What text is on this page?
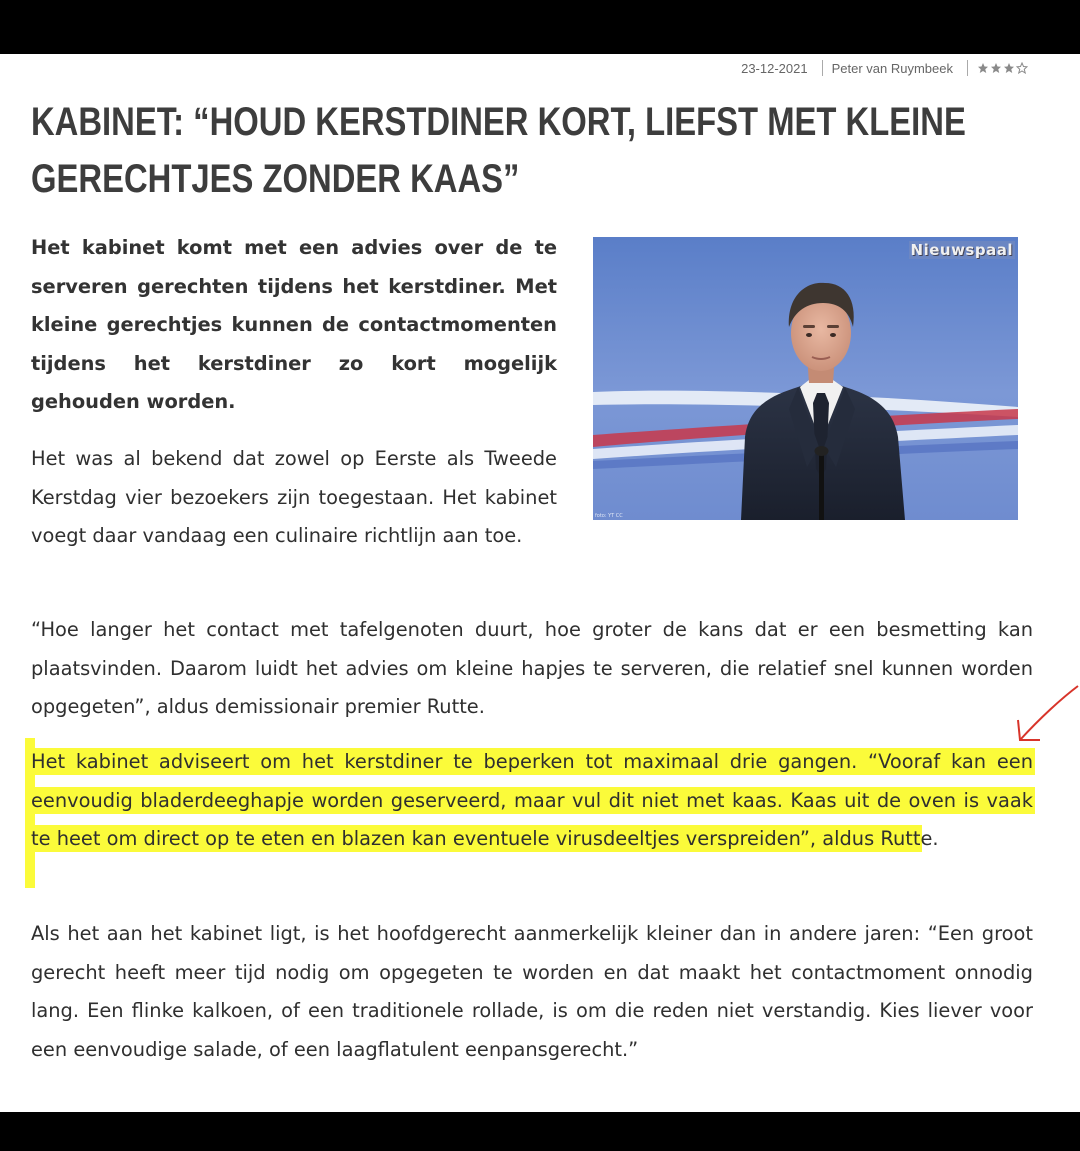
23-12-2021 Peter van Ruymbeek
KABINET: “HOUD KERSTDINER KORT, LIEFST MET KLEINE
GERECHTJES ZONDER KAAS”

Het kabinet komt met een advies over de te serveren gerechten tijdens het kerstdiner. Met kleine gerechtjes kunnen de contactmomenten tijdens het kerstdiner zo kort mogelijk gehouden worden.

Nieuwspaal
foto: YT CC

Het was al bekend dat zowel op Eerste als Tweede Kerstdag vier bezoekers zijn toegestaan. Het kabinet voegt daar vandaag een culinaire richtlijn aan toe.

“Hoe langer het contact met tafelgenoten duurt, hoe groter de kans dat er een besmetting kan plaatsvinden. Daarom luidt het advies om kleine hapjes te serveren, die relatief snel kunnen worden opgegeten”, aldus demissionair premier Rutte.

Het kabinet adviseert om het kerstdiner te beperken tot maximaal drie gangen. “Vooraf kan een eenvoudig bladerdeeghapje worden geserveerd, maar vul dit niet met kaas. Kaas uit de oven is vaak te heet om direct op te eten en blazen kan eventuele virusdeeltjes verspreiden”, aldus Rutte.

Als het aan het kabinet ligt, is het hoofdgerecht aanmerkelijk kleiner dan in andere jaren: “Een groot gerecht heeft meer tijd nodig om opgegeten te worden en dat maakt het contactmoment onnodig lang. Een flinke kalkoen, of een traditionele rollade, is om die reden niet verstandig. Kies liever voor een eenvoudige salade, of een laagflatulent eenpansgerecht.”
